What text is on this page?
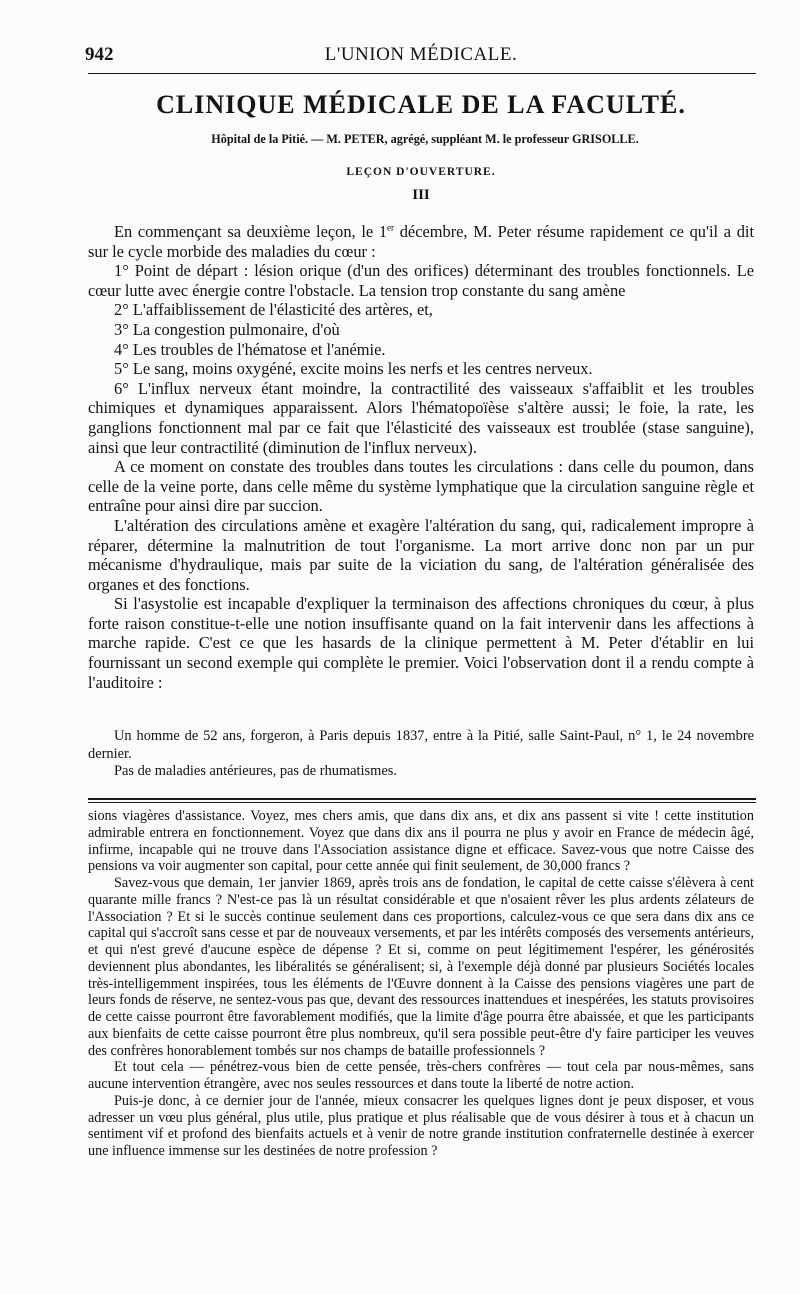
942	L'UNION MÉDICALE.
CLINIQUE MÉDICALE DE LA FACULTÉ.
Hôpital de la Pitié. — M. PETER, agrégé, suppléant M. le professeur GRISOLLE.
LEÇON D'OUVERTURE.
III

En commençant sa deuxième leçon, le 1er décembre, M. Peter résume rapidement ce qu'il a dit sur le cycle morbide des maladies du cœur :

1° Point de départ : lésion orique (d'un des orifices) déterminant des troubles fonctionnels. Le cœur lutte avec énergie contre l'obstacle. La tension trop constante du sang amène

2° L'affaiblissement de l'élasticité des artères, et,

3° La congestion pulmonaire, d'où

4° Les troubles de l'hématose et l'anémie.

5° Le sang, moins oxygéné, excite moins les nerfs et les centres nerveux.

6° L'influx nerveux étant moindre, la contractilité des vaisseaux s'affaiblit et les troubles chimiques et dynamiques apparaissent. Alors l'hématopoïèse s'altère aussi; le foie, la rate, les ganglions fonctionnent mal par ce fait que l'élasticité des vaisseaux est troublée (stase sanguine), ainsi que leur contractilité (diminution de l'influx nerveux).

A ce moment on constate des troubles dans toutes les circulations : dans celle du poumon, dans celle de la veine porte, dans celle même du système lymphatique que la circulation sanguine règle et entraîne pour ainsi dire par succion.

L'altération des circulations amène et exagère l'altération du sang, qui, radicalement impropre à réparer, détermine la malnutrition de tout l'organisme. La mort arrive donc non par un pur mécanisme d'hydraulique, mais par suite de la viciation du sang, de l'altération généralisée des organes et des fonctions.

Si l'asystolie est incapable d'expliquer la terminaison des affections chroniques du cœur, à plus forte raison constitue-t-elle une notion insuffisante quand on la fait intervenir dans les affections à marche rapide. C'est ce que les hasards de la clinique permettent à M. Peter d'établir en lui fournissant un second exemple qui complète le premier. Voici l'observation dont il a rendu compte à l'auditoire :

Un homme de 52 ans, forgeron, à Paris depuis 1837, entre à la Pitié, salle Saint-Paul, n° 1, le 24 novembre dernier.

Pas de maladies antérieures, pas de rhumatismes.

sions viagères d'assistance. Voyez, mes chers amis, que dans dix ans, et dix ans passent si vite ! cette institution admirable entrera en fonctionnement. Voyez que dans dix ans il pourra ne plus y avoir en France de médecin âgé, infirme, incapable qui ne trouve dans l'Association assistance digne et efficace. Savez-vous que notre Caisse des pensions va voir augmenter son capital, pour cette année qui finit seulement, de 30,000 francs ?

Savez-vous que demain, 1er janvier 1869, après trois ans de fondation, le capital de cette caisse s'élèvera à cent quarante mille francs ? N'est-ce pas là un résultat considérable et que n'osaient rêver les plus ardents zélateurs de l'Association ? Et si le succès continue seulement dans ces proportions, calculez-vous ce que sera dans dix ans ce capital qui s'accroît sans cesse et par de nouveaux versements, et par les intérêts composés des versements antérieurs, et qui n'est grevé d'aucune espèce de dépense ? Et si, comme on peut légitimement l'espérer, les générosités deviennent plus abondantes, les libéralités se généralisent; si, à l'exemple déjà donné par plusieurs Sociétés locales très-intelligemment inspirées, tous les éléments de l'Œuvre donnent à la Caisse des pensions viagères une part de leurs fonds de réserve, ne sentez-vous pas que, devant des ressources inattendues et inespérées, les statuts provisoires de cette caisse pourront être favorablement modifiés, que la limite d'âge pourra être abaissée, et que les participants aux bienfaits de cette caisse pourront être plus nombreux, qu'il sera possible peut-être d'y faire participer les veuves des confrères honorablement tombés sur nos champs de bataille professionnels ?

Et tout cela — pénétrez-vous bien de cette pensée, très-chers confrères — tout cela par nous-mêmes, sans aucune intervention étrangère, avec nos seules ressources et dans toute la liberté de notre action.

Puis-je donc, à ce dernier jour de l'année, mieux consacrer les quelques lignes dont je peux disposer, et vous adresser un vœu plus général, plus utile, plus pratique et plus réalisable que de vous désirer à tous et à chacun un sentiment vif et profond des bienfaits actuels et à venir de notre grande institution confraternelle destinée à exercer une influence immense sur les destinées de notre profession ?
